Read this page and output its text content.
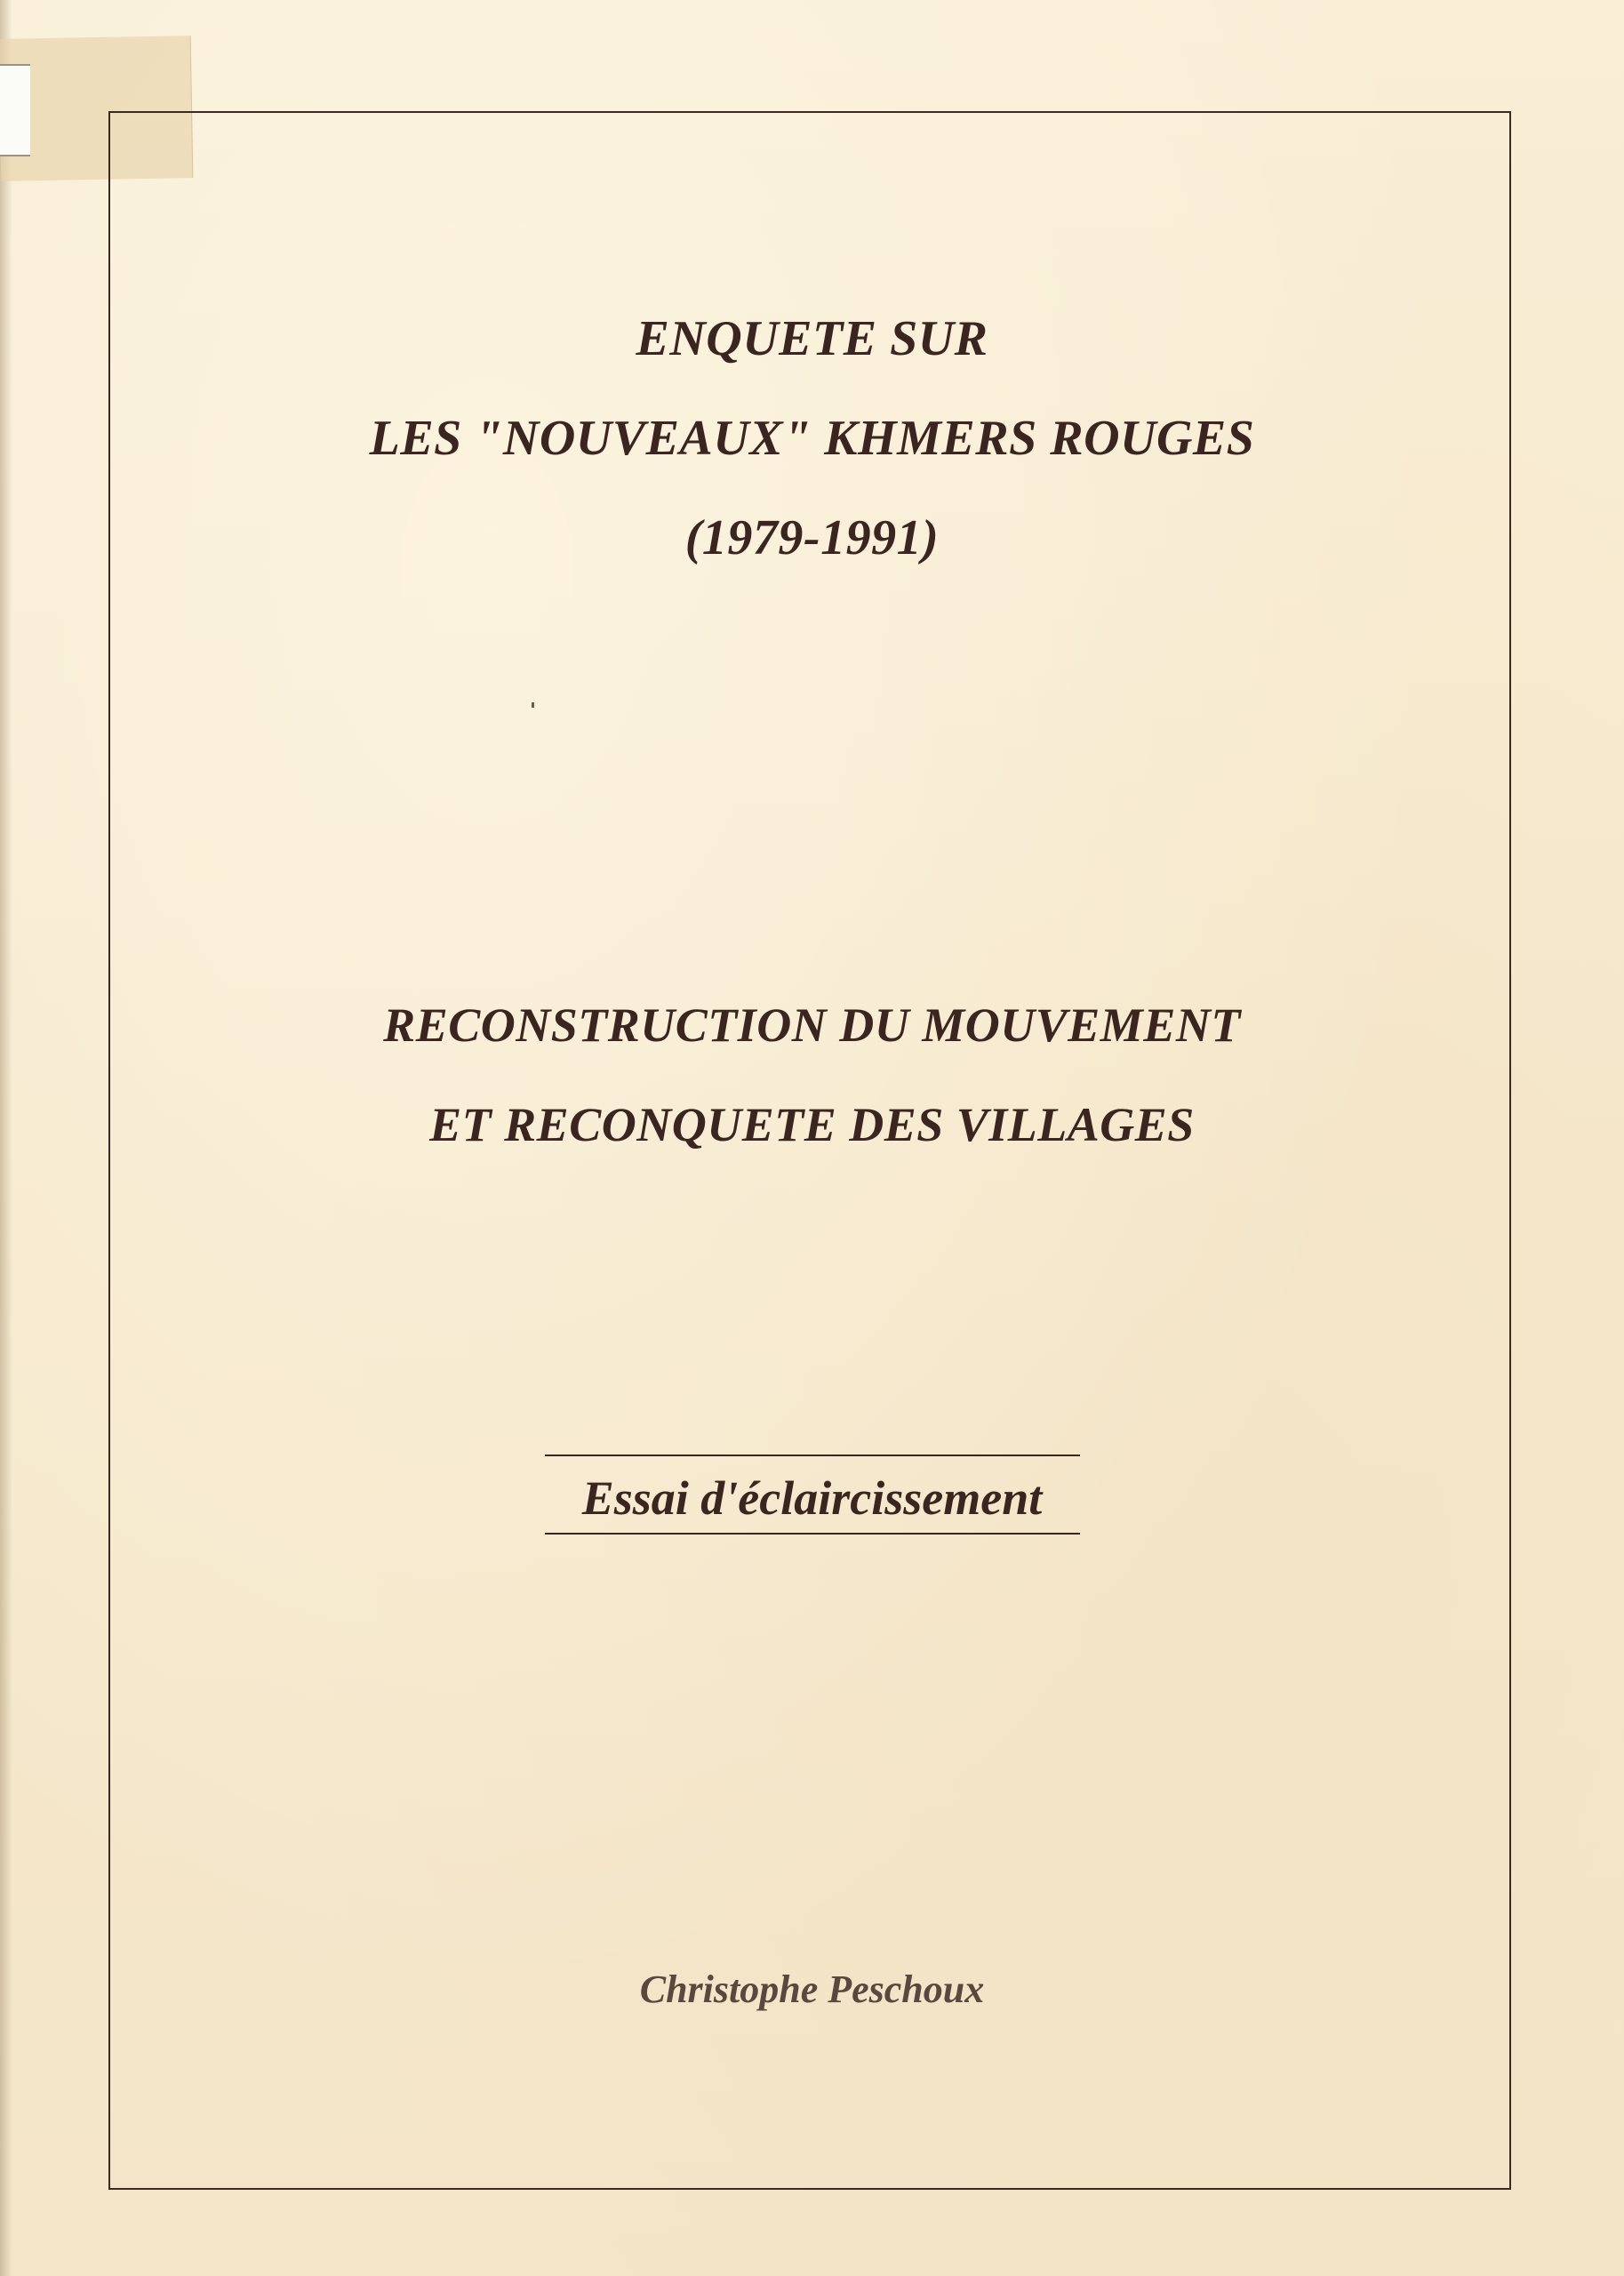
ENQUETE SUR
LES "NOUVEAUX" KHMERS ROUGES
(1979-1991)
RECONSTRUCTION DU MOUVEMENT
ET RECONQUETE DES VILLAGES
Essai d'éclaircissement
Christophe Peschoux
